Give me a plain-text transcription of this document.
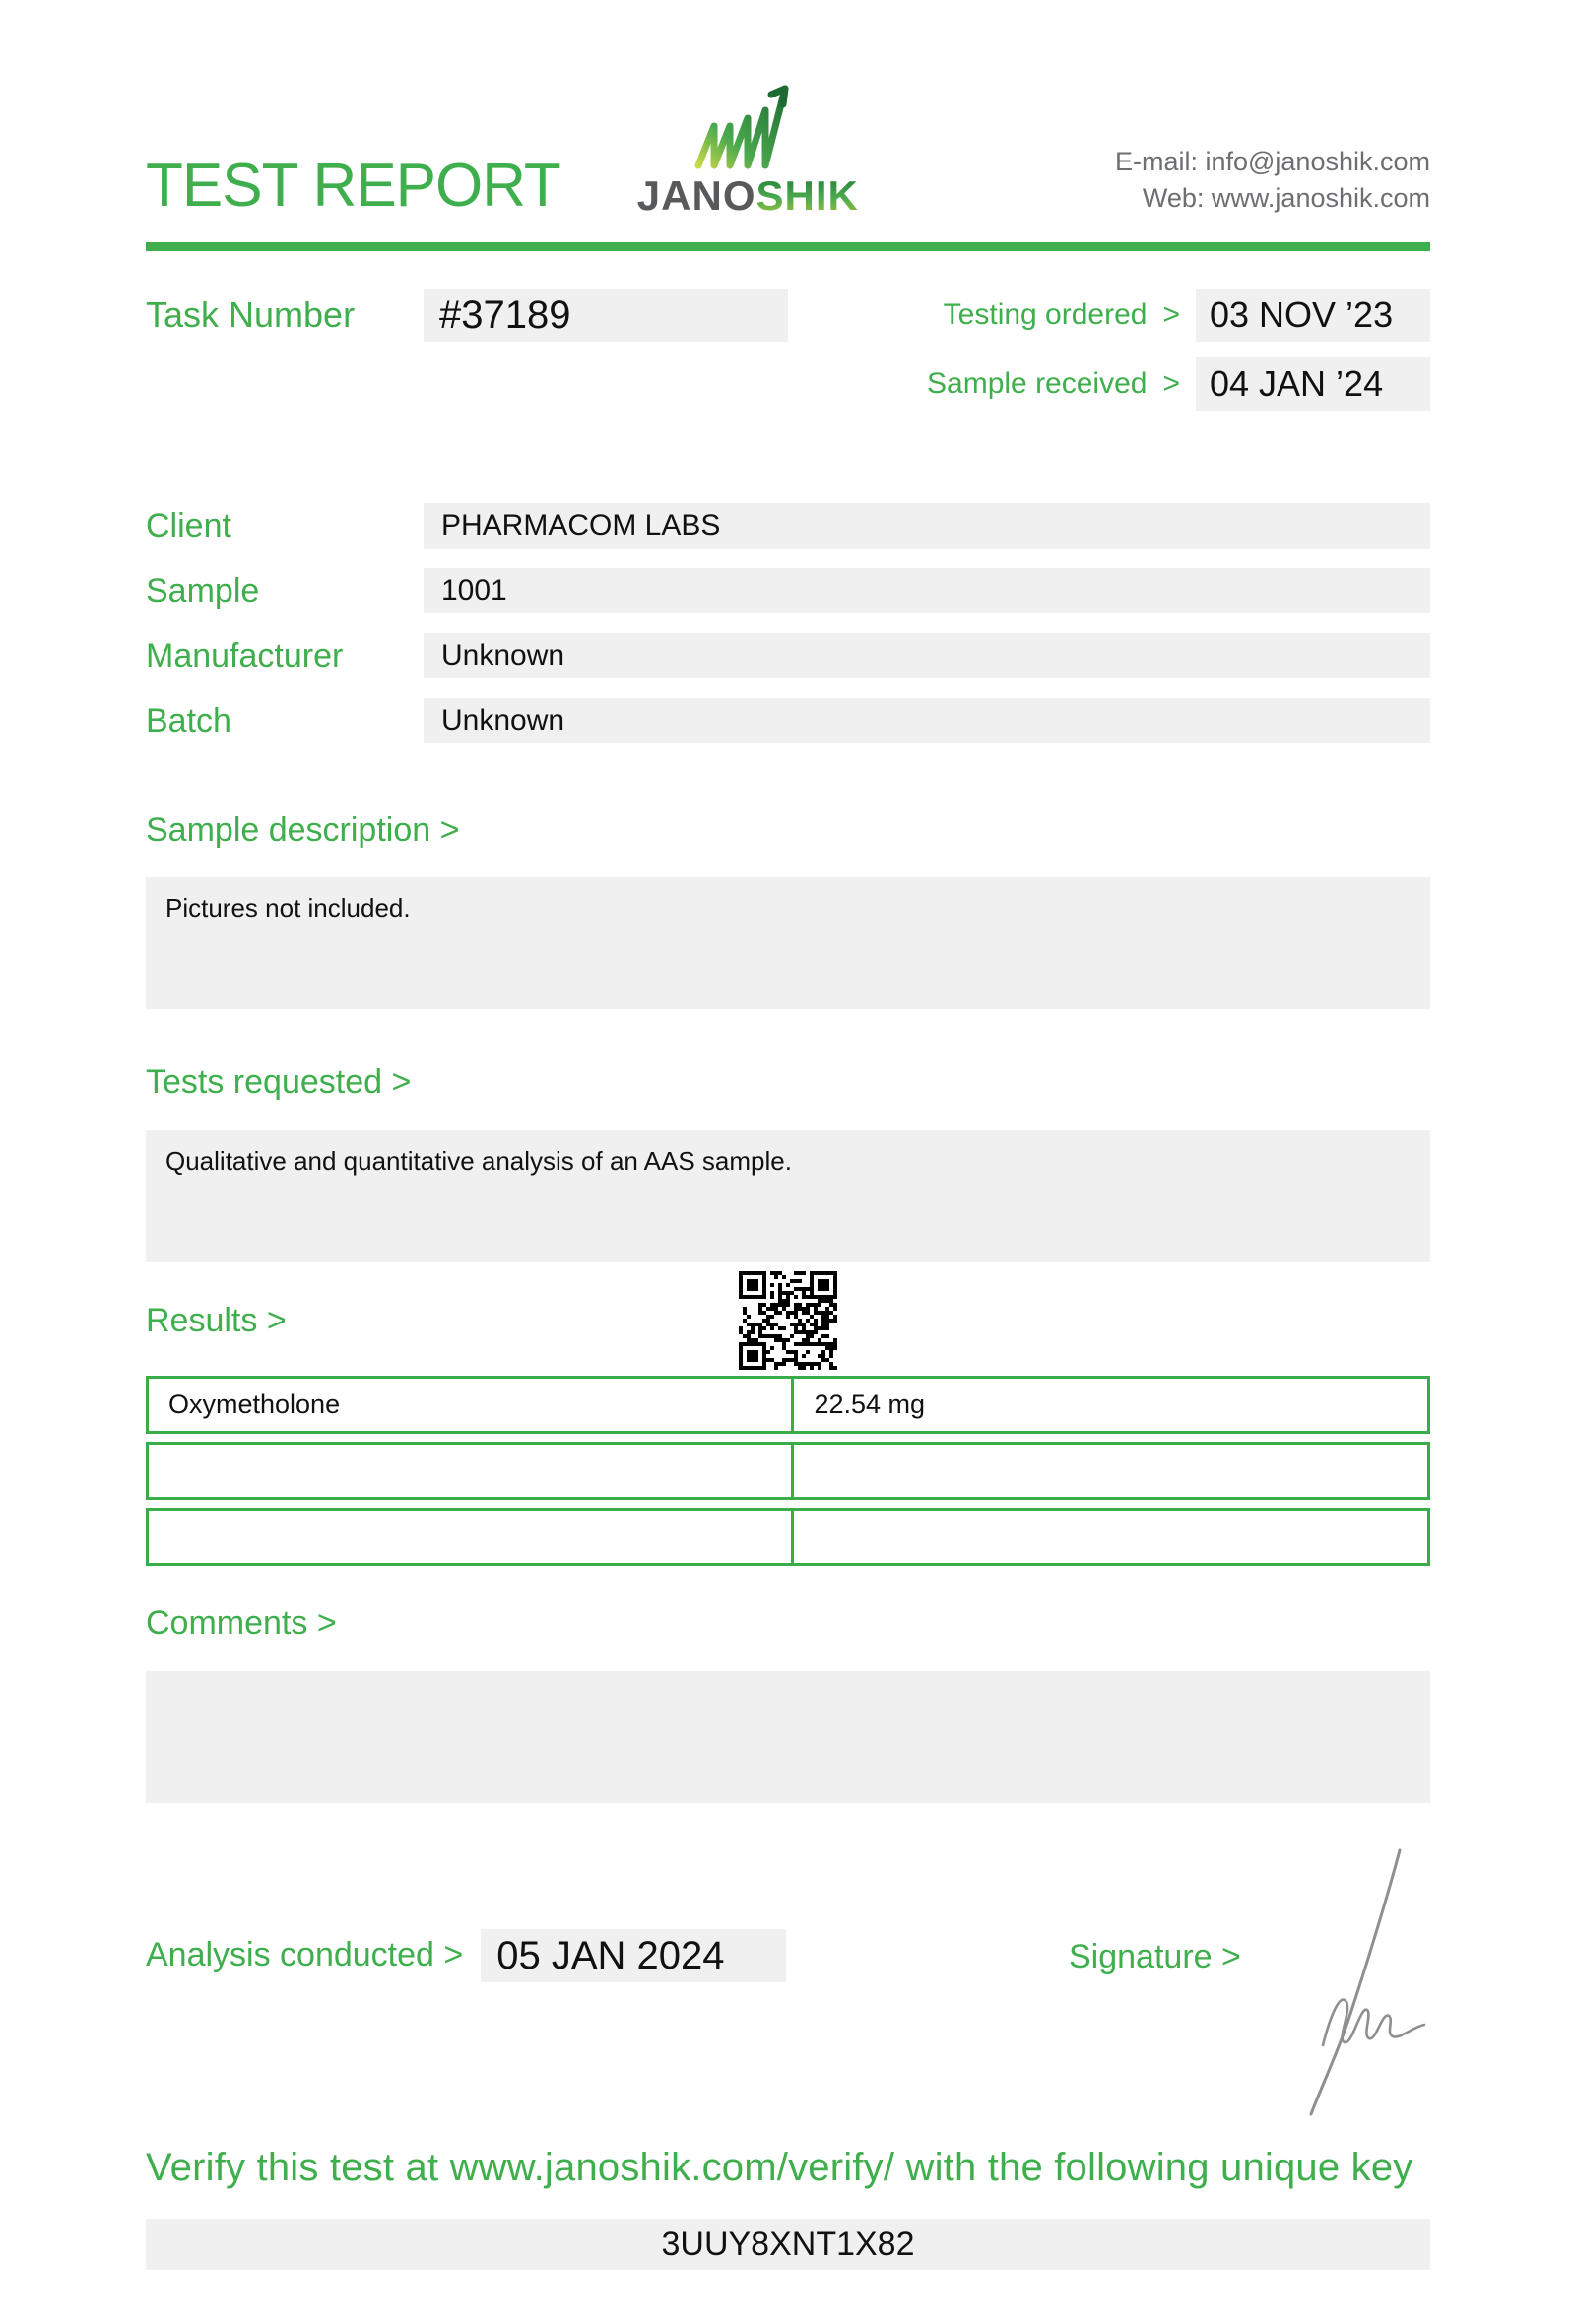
TEST REPORT JANOSHIK
E-mail: info@janoshik.com
Web: www.janoshik.com
Task Number	#37189	Testing ordered > 03 NOV ’23
Sample received > 04 JAN ’24
Client	PHARMACOM LABS
Sample	1001
Manufacturer	Unknown
Batch	Unknown
Sample description >
Pictures not included.
Tests requested >
Qualitative and quantitative analysis of an AAS sample.
Results >
Oxymetholone	22.54 mg
Comments >
Analysis conducted > 05 JAN 2024	Signature >
Verify this test at www.janoshik.com/verify/ with the following unique key
3UUY8XNT1X82
